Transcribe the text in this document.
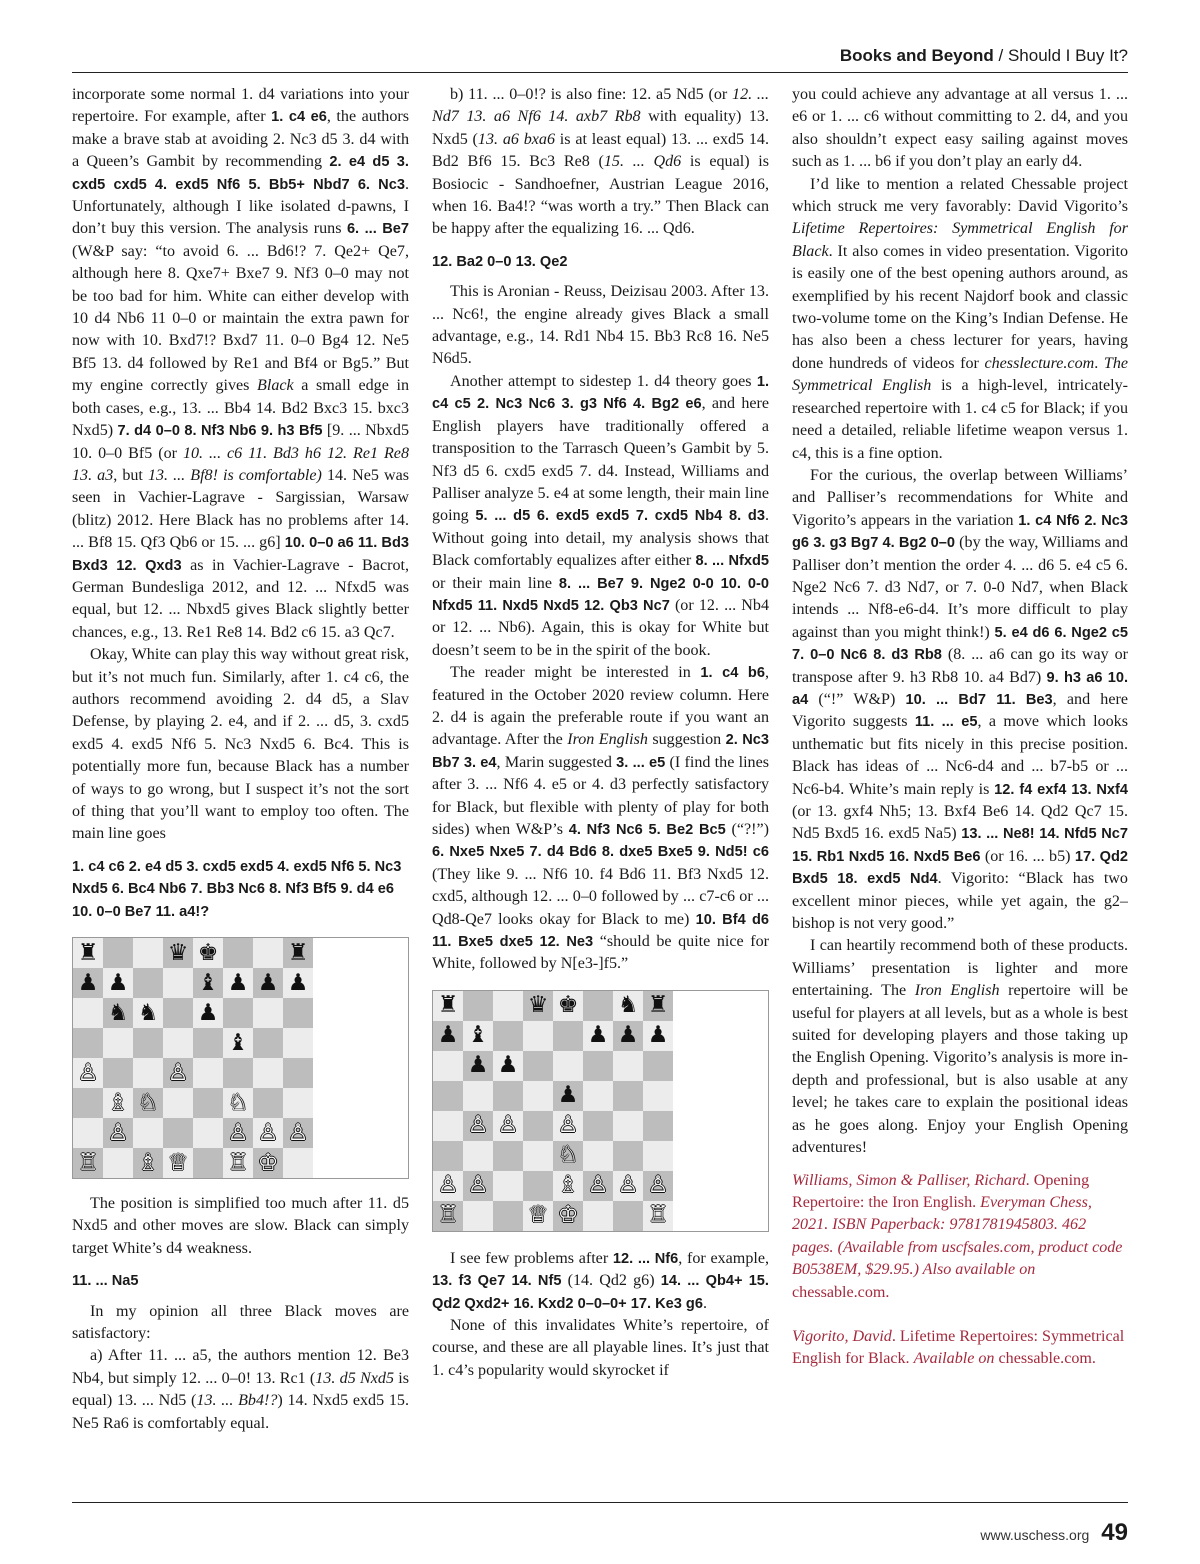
Books and Beyond / Should I Buy It?

incorporate some normal 1. d4 variations into your repertoire. For example, after 1. c4 e6, the authors make a brave stab at avoiding 2. Nc3 d5 3. d4 with a Queen’s Gambit by recommending 2. e4 d5 3. cxd5 cxd5 4. exd5 Nf6 5. Bb5+ Nbd7 6. Nc3. Unfortunately, although I like isolated d-pawns, I don’t buy this version. The analysis runs 6. ... Be7 (W&P say: “to avoid 6. ... Bd6!? 7. Qe2+ Qe7, although here 8. Qxe7+ Bxe7 9. Nf3 0–0 may not be too bad for him. White can either develop with 10 d4 Nb6 11 0–0 or maintain the extra pawn for now with 10. Bxd7!? Bxd7 11. 0–0 Bg4 12. Ne5 Bf5 13. d4 followed by Re1 and Bf4 or Bg5.” But my engine correctly gives Black a small edge in both cases, e.g., 13. ... Bb4 14. Bd2 Bxc3 15. bxc3 Nxd5) 7. d4 0–0 8. Nf3 Nb6 9. h3 Bf5 [9. ... Nbxd5 10. 0–0 Bf5 (or 10. ... c6 11. Bd3 h6 12. Re1 Re8 13. a3, but 13. ... Bf8! is comfortable) 14. Ne5 was seen in Vachier-Lagrave - Sargissian, Warsaw (blitz) 2012. Here Black has no problems after 14. ... Bf8 15. Qf3 Qb6 or 15. ... g6] 10. 0–0 a6 11. Bd3 Bxd3 12. Qxd3 as in Vachier-Lagrave - Bacrot, German Bundesliga 2012, and 12. ... Nfxd5 was equal, but 12. ... Nbxd5 gives Black slightly better chances, e.g., 13. Re1 Re8 14. Bd2 c6 15. a3 Qc7.

Okay, White can play this way without great risk, but it’s not much fun. Similarly, after 1. c4 c6, the authors recommend avoiding 2. d4 d5, a Slav Defense, by playing 2. e4, and if 2. ... d5, 3. cxd5 exd5 4. exd5 Nf6 5. Nc3 Nxd5 6. Bc4. This is potentially more fun, because Black has a number of ways to go wrong, but I suspect it’s not the sort of thing that you’ll want to employ too often. The main line goes

1. c4 c6 2. e4 d5 3. cxd5 exd5 4. exd5 Nf6 5. Nc3 Nxd5 6. Bc4 Nb6 7. Bb3 Nc6 8. Nf3 Bf5 9. d4 e6 10. 0–0 Be7 11. a4!?

♜	♛ ♚	♜
♟ ♟	♝ ♟ ♟ ♟
♞ ♞ ♟
♝
♙	♙
♗ ♘	♘
♙	♙ ♙ ♙
♖ ♗ ♕ ♖ ♔

The position is simplified too much after 11. d5 Nxd5 and other moves are slow. Black can simply target White’s d4 weakness.

11. ... Na5

In my opinion all three Black moves are satisfactory:

a) After 11. ... a5, the authors mention 12. Be3 Nb4, but simply 12. ... 0–0! 13. Rc1 (13. d5 Nxd5 is equal) 13. ... Nd5 (13. ... Bb4!?) 14. Nxd5 exd5 15. Ne5 Ra6 is comfortably equal.

b) 11. ... 0–0!? is also fine: 12. a5 Nd5 (or 12. ... Nd7 13. a6 Nf6 14. axb7 Rb8 with equality) 13. Nxd5 (13. a6 bxa6 is at least equal) 13. ... exd5 14. Bd2 Bf6 15. Bc3 Re8 (15. ... Qd6 is equal) is Bosiocic - Sandhoefner, Austrian League 2016, when 16. Ba4!? “was worth a try.” Then Black can be happy after the equalizing 16. ... Qd6.

12. Ba2 0–0 13. Qe2

This is Aronian - Reuss, Deizisau 2003. After 13. ... Nc6!, the engine already gives Black a small advantage, e.g., 14. Rd1 Nb4 15. Bb3 Rc8 16. Ne5 N6d5.

Another attempt to sidestep 1. d4 theory goes 1. c4 c5 2. Nc3 Nc6 3. g3 Nf6 4. Bg2 e6, and here English players have traditionally offered a transposition to the Tarrasch Queen’s Gambit by 5. Nf3 d5 6. cxd5 exd5 7. d4. Instead, Williams and Palliser analyze 5. e4 at some length, their main line going 5. ... d5 6. exd5 exd5 7. cxd5 Nb4 8. d3. Without going into detail, my analysis shows that Black comfortably equalizes after either 8. ... Nfxd5 or their main line 8. ... Be7 9. Nge2 0-0 10. 0-0 Nfxd5 11. Nxd5 Nxd5 12. Qb3 Nc7 (or 12. ... Nb4 or 12. ... Nb6). Again, this is okay for White but doesn’t seem to be in the spirit of the book.

The reader might be interested in 1. c4 b6, featured in the October 2020 review column. Here 2. d4 is again the preferable route if you want an advantage. After the Iron English suggestion 2. Nc3 Bb7 3. e4, Marin suggested 3. ... e5 (I find the lines after 3. ... Nf6 4. e5 or 4. d3 perfectly satisfactory for Black, but flexible with plenty of play for both sides) when W&P’s 4. Nf3 Nc6 5. Be2 Bc5 (“?!”) 6. Nxe5 Nxe5 7. d4 Bd6 8. dxe5 Bxe5 9. Nd5! c6 (They like 9. ... Nf6 10. f4 Bd6 11. Bf3 Nxd5 12. cxd5, although 12. ... 0–0 followed by ... c7-c6 or ... Qd8-Qe7 looks okay for Black to me) 10. Bf4 d6 11. Bxe5 dxe5 12. Ne3 “should be quite nice for White, followed by N[e3-]f5.”

♜	♛ ♚ ♞ ♜
♟ ♝	♟ ♟ ♟
♟ ♟
♟
♙ ♙ ♙
♘
♙ ♙	♗ ♙ ♙ ♙
♖	♕ ♔	♖

I see few problems after 12. ... Nf6, for example, 13. f3 Qe7 14. Nf5 (14. Qd2 g6) 14. ... Qb4+ 15. Qd2 Qxd2+ 16. Kxd2 0–0–0+ 17. Ke3 g6.

None of this invalidates White’s repertoire, of course, and these are all playable lines. It’s just that 1. c4’s popularity would skyrocket if

you could achieve any advantage at all versus 1. ... e6 or 1. ... c6 without committing to 2. d4, and you also shouldn’t expect easy sailing against moves such as 1. ... b6 if you don’t play an early d4.

I’d like to mention a related Chessable project which struck me very favorably: David Vigorito’s Lifetime Repertoires: Symmetrical English for Black. It also comes in video presentation. Vigorito is easily one of the best opening authors around, as exemplified by his recent Najdorf book and classic two-volume tome on the King’s Indian Defense. He has also been a chess lecturer for years, having done hundreds of videos for chesslecture.com. The Symmetrical English is a high-level, intricately-researched repertoire with 1. c4 c5 for Black; if you need a detailed, reliable lifetime weapon versus 1. c4, this is a fine option.

For the curious, the overlap between Williams’ and Palliser’s recommendations for White and Vigorito’s appears in the variation 1. c4 Nf6 2. Nc3 g6 3. g3 Bg7 4. Bg2 0–0 (by the way, Williams and Palliser don’t mention the order 4. ... d6 5. e4 c5 6. Nge2 Nc6 7. d3 Nd7, or 7. 0-0 Nd7, when Black intends ... Nf8-e6-d4. It’s more difficult to play against than you might think!) 5. e4 d6 6. Nge2 c5 7. 0–0 Nc6 8. d3 Rb8 (8. ... a6 can go its way or transpose after 9. h3 Rb8 10. a4 Bd7) 9. h3 a6 10. a4 (“!” W&P) 10. ... Bd7 11. Be3, and here Vigorito suggests 11. ... e5, a move which looks unthematic but fits nicely in this precise position. Black has ideas of ... Nc6-d4 and ... b7-b5 or ... Nc6-b4. White’s main reply is 12. f4 exf4 13. Nxf4 (or 13. gxf4 Nh5; 13. Bxf4 Be6 14. Qd2 Qc7 15. Nd5 Bxd5 16. exd5 Na5) 13. ... Ne8! 14. Nfd5 Nc7 15. Rb1 Nxd5 16. Nxd5 Be6 (or 16. ... b5) 17. Qd2 Bxd5 18. exd5 Nd4. Vigorito: “Black has two excellent minor pieces, while yet again, the g2–bishop is not very good.”

I can heartily recommend both of these products. Williams’ presentation is lighter and more entertaining. The Iron English repertoire will be useful for players at all levels, but as a whole is best suited for developing players and those taking up the English Opening. Vigorito’s analysis is more in-depth and professional, but is also usable at any level; he takes care to explain the positional ideas as he goes along. Enjoy your English Opening adventures!

Williams, Simon & Palliser, Richard. Opening Repertoire: the Iron English. Everyman Chess, 2021. ISBN Paperback: 9781781945803. 462 pages. (Available from uscfsales.com, product code B0538EM, $29.95.) Also available on chessable.com.

Vigorito, David. Lifetime Repertoires: Symmetrical English for Black. Available on chessable.com.

www.uschess.org 49
